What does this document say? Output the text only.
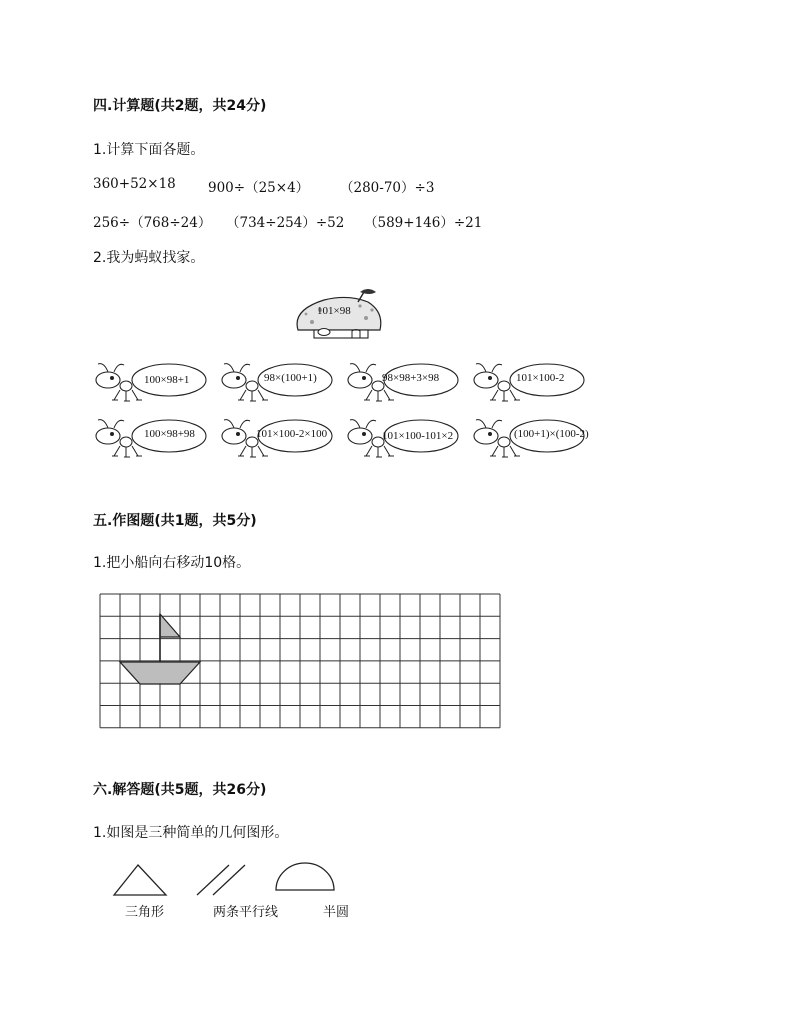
四.计算题(共2题，共24分)
1.计算下面各题。
360+52×18 900÷（25×4） （280-70）÷3
256÷（768÷24） （734÷254）÷52 （589+146）÷21
2.我为蚂蚁找家。
101×98
100×98+1	98×(100+1)	98×98+3×98	101×100-2
100×98+98	101×100-2×100	101×100-101×2	(100+1)×(100-2)
五.作图题(共1题，共5分)
1.把小船向右移动10格。
六.解答题(共5题，共26分)
1.如图是三种简单的几何图形。
三角形	两条平行线	半圆
